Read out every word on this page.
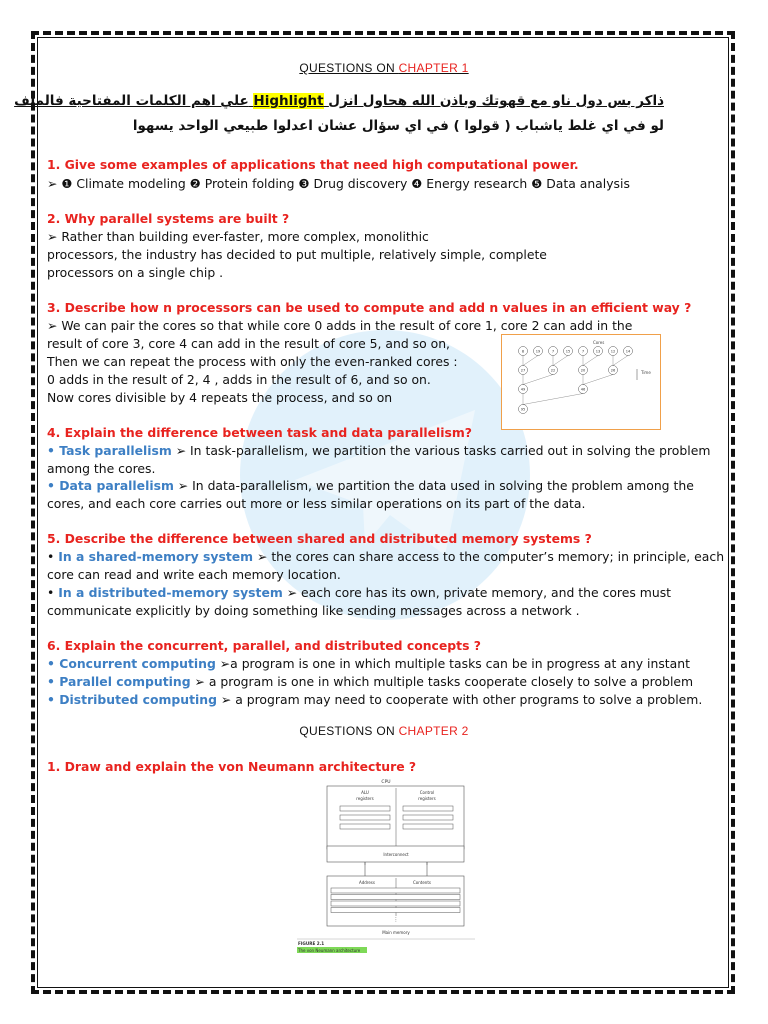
QUESTIONS ON CHAPTER 1
ذاكر بس دول ناو مع قهوتك وباذن الله هحاول انزل Highlight علي اهم الكلمات المفتاحية فالملف
لو في اي غلط ياشباب ( قولوا ) في اي سؤال عشان اعدلوا طبيعي الواحد يسهوا
1. Give some examples of applications that need high computational power.
➢ ❶ Climate modeling ❷ Protein folding ❸ Drug discovery ❹ Energy research ❺ Data analysis
2. Why parallel systems are built ?
➢ Rather than building ever-faster, more complex, monolithic
processors, the industry has decided to put multiple, relatively simple, complete
processors on a single chip .
3. Describe how n processors can be used to compute and add n values in an efficient way ?
➢ We can pair the cores so that while core 0 adds in the result of core 1, core 2 can add in the
result of core 3, core 4 can add in the result of core 5, and so on,
Then we can repeat the process with only the even-ranked cores :
0 adds in the result of 2, 4 , adds in the result of 6, and so on.
Now cores divisible by 4 repeats the process, and so on
Cores
Time
8	19	7	15	7	13	12	14
27	22	20	26
49	46
95
4. Explain the difference between task and data parallelism?
• Task parallelism ➢ In task-parallelism, we partition the various tasks carried out in solving the problem
among the cores.
• Data parallelism ➢ In data-parallelism, we partition the data used in solving the problem among the
cores, and each core carries out more or less similar operations on its part of the data.
5. Describe the difference between shared and distributed memory systems ?
• In a shared-memory system ➢ the cores can share access to the computer’s memory; in principle, each
core can read and write each memory location.
• In a distributed-memory system ➢ each core has its own, private memory, and the cores must
communicate explicitly by doing something like sending messages across a network .
6. Explain the concurrent, parallel, and distributed concepts ?
• Concurrent computing ➢a program is one in which multiple tasks can be in progress at any instant
• Parallel computing ➢ a program is one in which multiple tasks cooperate closely to solve a problem
• Distributed computing ➢ a program may need to cooperate with other programs to solve a problem.
QUESTIONS ON CHAPTER 2
1. Draw and explain the von Neumann architecture ?
CPU
ALU
registers
Control
registers
Interconnect
Address	Contents
⋮
Main memory
FIGURE 2.1
The von Neumann architecture
